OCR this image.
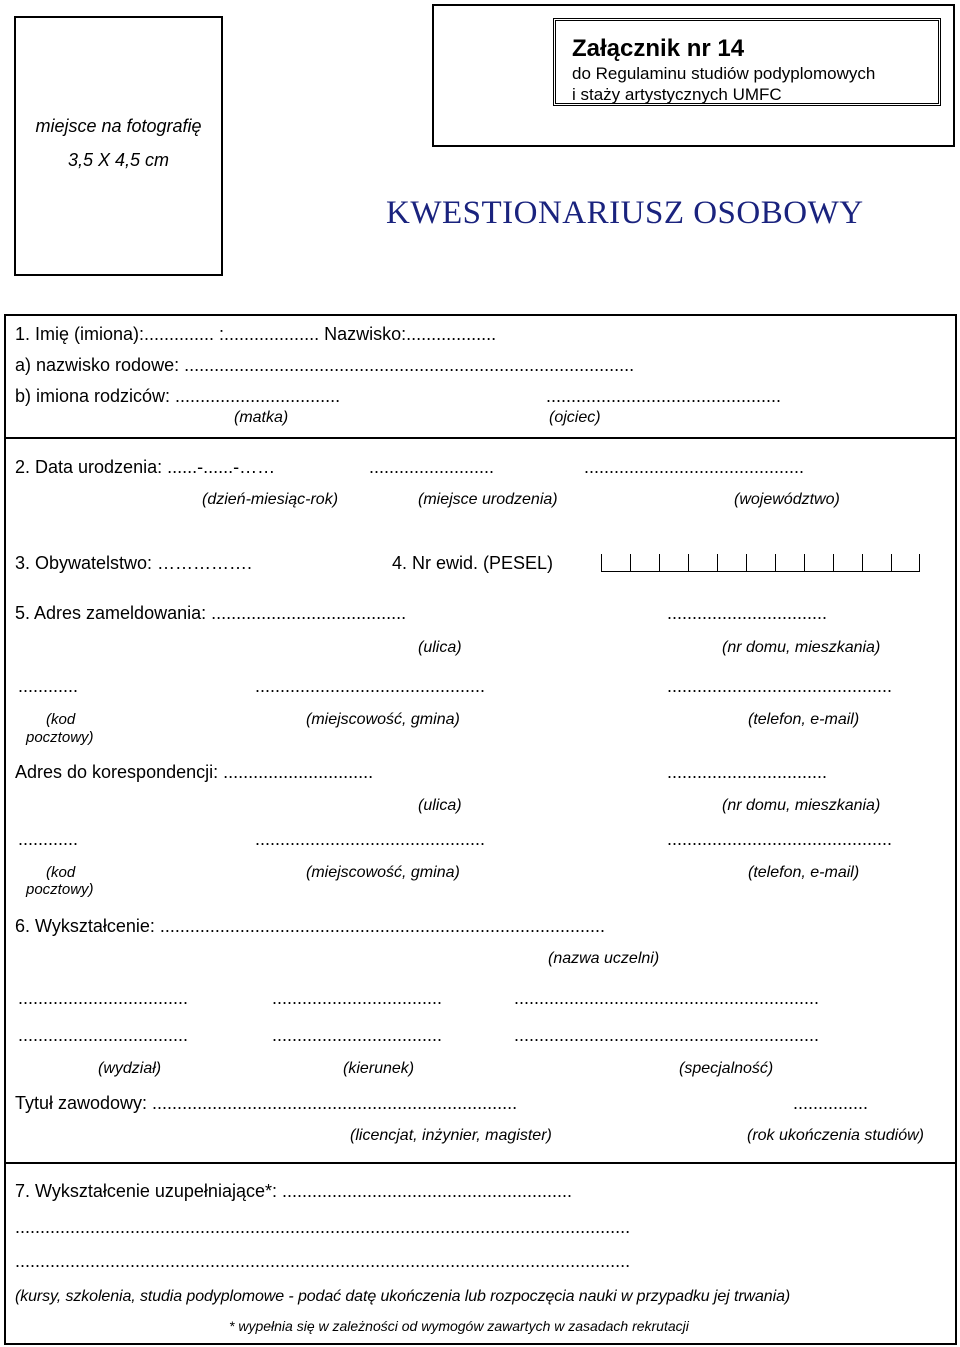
miejsce na fotografię
3,5 X 4,5 cm
Załącznik nr 14
do Regulaminu studiów podyplomowych
i staży artystycznych UMFC
KWESTIONARIUSZ OSOBOWY
1. Imię (imiona):.............. :................... Nazwisko:..................
a) nazwisko rodowe: ..........................................................................................
b) imiona rodziców: .................................	...............................................
(matka)	(ojciec)
2. Data urodzenia: ......-......-……	.........................	............................................
(dzień-miesiąc-rok)	(miejsce urodzenia)	(województwo)
3. Obywatelstwo: …………….	4. Nr ewid. (PESEL)
5. Adres zameldowania: .......................................	................................
(ulica)	(nr domu, mieszkania)
............	..............................................	.............................................
(kod
pocztowy)
(miejscowość, gmina)	(telefon, e-mail)
Adres do korespondencji: ..............................	................................
(ulica)	(nr domu, mieszkania)
............	..............................................	.............................................
(kod
pocztowy)
(miejscowość, gmina)	(telefon, e-mail)
6. Wykształcenie: .........................................................................................
(nazwa uczelni)
..................................	..................................	.............................................................
..................................	..................................	.............................................................
(wydział)	(kierunek)	(specjalność)
Tytuł zawodowy: .........................................................................	...............
(licencjat, inżynier, magister)	(rok ukończenia studiów)
7. Wykształcenie uzupełniające*: ..........................................................
...........................................................................................................................
...........................................................................................................................
(kursy, szkolenia, studia podyplomowe - podać datę ukończenia lub rozpoczęcia nauki w przypadku jej trwania)
* wypełnia się w zależności od wymogów zawartych w zasadach rekrutacji
